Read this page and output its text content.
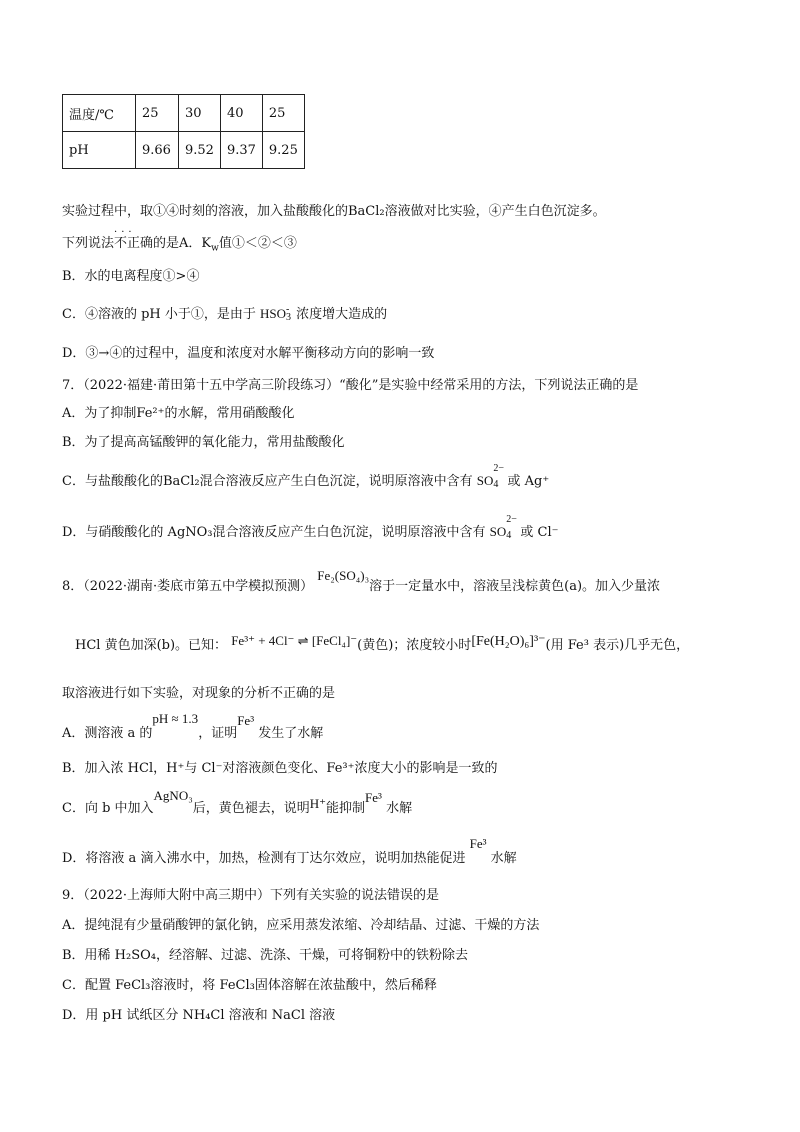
温度/℃	25	30	40	25
pH	9.66	9.52	9.37	9.25
实验过程中，取①④时刻的溶液，加入盐酸酸化的BaCl₂溶液做对比实验，④产生白色沉淀多。
下列说法
···
不正确的是A．$K_w$值①＜②＜③
B．水的电离程度①>④
C．④溶液的 pH 小于①，是由于 HSO -
3 浓度增大造成的
D．③→④的过程中，温度和浓度对水解平衡移动方向的影响一致
7．（2022·福建·莆田第十五中学高三阶段练习）“酸化”是实验中经常采用的方法，下列说法正确的是
A．为了抑制Fe²⁺的水解，常用硝酸酸化
B．为了提高高锰酸钾的氧化能力，常用盐酸酸化
C．与盐酸酸化的BaCl₂混合溶液反应产生白色沉淀，说明原溶液中含有 SO
2−
4 或 Ag⁺
D．与硝酸酸化的 AgNO₃混合溶液反应产生白色沉淀，说明原溶液中含有 SO
2−
4 或 Cl⁻
8．（2022·湖南·娄底市第五中学模拟预测） Fe₂(SO₄)₃溶于一定量水中，溶液呈浅棕黄色(a)。加入少量浓
HCl 黄色加深(b)。已知： Fe³⁺ + 4Cl⁻ ⇌ [FeCl₄]⁻(黄色)；浓度较小时[Fe(H₂O)₆]³⁻(用 Fe³ 表示)几乎无色，
取溶液进行如下实验，对现象的分析不正确的是
A．测溶液 a 的pH ≈ 1.3，证明Fe³ 发生了水解
B．加入浓 HCl，H⁺与 Cl⁻对溶液颜色变化、Fe³⁺浓度大小的影响是一致的
C．向 b 中加入AgNO₃后，黄色褪去，说明H⁺能抑制Fe³ 水解
D．将溶液 a 滴入沸水中，加热，检测有丁达尔效应，说明加热能促进 Fe³ 水解
9．（2022·上海师大附中高三期中）下列有关实验的说法错误的是
A．提纯混有少量硝酸钾的氯化钠，应采用蒸发浓缩、冷却结晶、过滤、干燥的方法
B．用稀 H₂SO₄，经溶解、过滤、洗涤、干燥，可将铜粉中的铁粉除去
C．配置 FeCl₃溶液时，将 FeCl₃固体溶解在浓盐酸中，然后稀释
D．用 pH 试纸区分 NH₄Cl 溶液和 NaCl 溶液
